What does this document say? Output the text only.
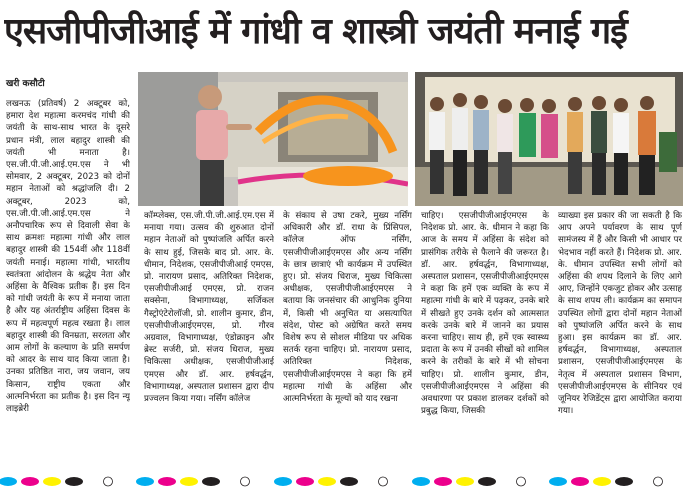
एसजीपीजीआई में गांधी व शास्त्री जयंती मनाई गई
खरी कसौटी

लखनऊ (प्रतिवर्ष) 2 अक्टूबर को, हमारा देश महात्मा करमचंद गांधी की जयंती के साथ-साथ भारत के दूसरे प्रधान मंत्री, लाल बहादुर शास्त्री की जयंती भी मनाता है। एस.जी.पी.जी.आई.एम.एस ने भी सोमवार, 2 अक्टूबर, 2023 को दोनों महान नेताओं को श्रद्धांजलि दी। 2 अक्टूबर, 2023 को, एस.जी.पी.जी.आई.एम.एस ने अनौपचारिक रूप से दिवाली सेवा के साथ क्रमशः महात्मा गांधी और लाल बहादुर शास्त्री की 154वीं और 118वीं जयंती मनाई। महात्मा गांधी, भारतीय स्वतंत्रता आंदोलन के श्रद्धेय नेता और अहिंसा के वैश्विक प्रतीक हैं। इस दिन को गांधी जयंती के रूप में मनाया जाता है और यह अंतर्राष्ट्रीय अहिंसा दिवस के रूप में महत्वपूर्ण महत्व रखता है। लाल बहादुर शास्त्री की विनम्रता, सरलता और आम लोगों के कल्याण के प्रति समर्पण को आदर के साथ याद किया जाता है। उनका प्रतिष्ठित नारा, जय जवान, जय किसान, राष्ट्रीय एकता और आत्मनिर्भरता का प्रतीक है। इस दिन न्यू लाइब्रेरी

कॉम्प्लेक्स, एस.जी.पी.जी.आई.एम.एस में मनाया गया। उत्सव की शुरुआत दोनों महान नेताओं को पुष्पांजलि अर्पित करने के साथ हुई, जिसके बाद प्रो. आर. के. धीमान, निदेशक, एसजीपीजीआई एमएस, प्रो. नारायण प्रसाद, अतिरिक्त निदेशक, एसजीपीजीआई एमएस, प्रो. राजन सक्सेना, विभागाध्यक्ष, सर्जिकल गैस्ट्रोएंटेरोलॉजी, प्रो. शालीन कुमार, डीन, एसजीपीजीआईएमएस, प्रो. गौरव अग्रवाल, विभागाध्यक्ष, एंडोक्राइन और ब्रेस्ट सर्जरी, प्रो. संजय धिराज, मुख्य चिकित्सा अधीक्षक, एसजीपीजीआई एमएस और डॉ. आर. हर्षवर्द्धन, विभागाध्यक्ष, अस्पताल प्रशासन द्वारा दीप प्रज्वलन किया गया। नर्सिंग कॉलेज

के संकाय से उषा टकरे, मुख्य नर्सिंग अधिकारी और डॉ. राधा के प्रिंसिपल, कॉलेज ऑफ नर्सिंग, एसजीपीजीआईएमएस और अन्य नर्सिंग के छात्र छात्राएं भी कार्यक्रम में उपस्थित हुए। प्रो. संजय धिराज, मुख्य चिकित्सा अधीक्षक, एसजीपीजीआईएमएस ने बताया कि जनसंचार की आधुनिक दुनिया में, किसी भी अनुचित या असत्यापित संदेश, पोस्ट को अग्रेषित करते समय विशेष रूप से सोशल मीडिया पर अधिक सतर्क रहना चाहिए। प्रो. नारायण प्रसाद, अतिरिक्त निदेशक, एसजीपीजीआईएमएस ने कहा कि हमें महात्मा गांधी के अहिंसा और आत्मनिर्भरता के मूल्यों को याद रखना

चाहिए। एसजीपीजीआईएमएस के निदेशक प्रो. आर. के. धीमान ने कहा कि आज के समय में अहिंसा के संदेश को प्रासंगिक तरीके से फैलाने की जरूरत है। डॉ. आर. हर्षवर्द्धन, विभागाध्यक्ष, अस्पताल प्रशासन, एसजीपीजीआईएमएस ने कहा कि हमें एक व्यक्ति के रूप में महात्मा गांधी के बारे में पढ़कर, उनके बारे में सीखते हुए उनके दर्शन को आत्मसात करके उनके बारे में जानने का प्रयास करना चाहिए। साथ ही, हमें एक स्वास्थ्य प्रदाता के रूप में उनकी सीखों को शामिल करने के तरीकों के बारे में भी सोचना चाहिए। प्रो. शालीन कुमार, डीन, एसजीपीजीआईएमएस ने अहिंसा की अवधारणा पर प्रकाश डालकर दर्शकों को प्रबुद्ध किया, जिसकी

व्याख्या इस प्रकार की जा सकती है कि आप अपने पर्यावरण के साथ पूर्ण सामंजस्य में हैं और किसी भी आधार पर भेदभाव नहीं करते हैं। निदेशक प्रो. आर. के. धीमान उपस्थित सभी लोगों को अहिंसा की शपथ दिलाने के लिए आगे आए, जिन्होंने एकजुट होकर और उत्साह के साथ शपथ ली। कार्यक्रम का समापन उपस्थित लोगों द्वारा दोनों महान नेताओं को पुष्पांजलि अर्पित करने के साथ हुआ। इस कार्यक्रम का डॉ. आर. हर्षवर्द्धन, विभागाध्यक्ष, अस्पताल प्रशासन, एसजीपीजीआईएमएस के नेतृत्व में अस्पताल प्रशासन विभाग, एसजीपीजीआईएमएस के सीनियर एवं जूनियर रेजिडेंट्स द्वारा आयोजित कराया गया।
